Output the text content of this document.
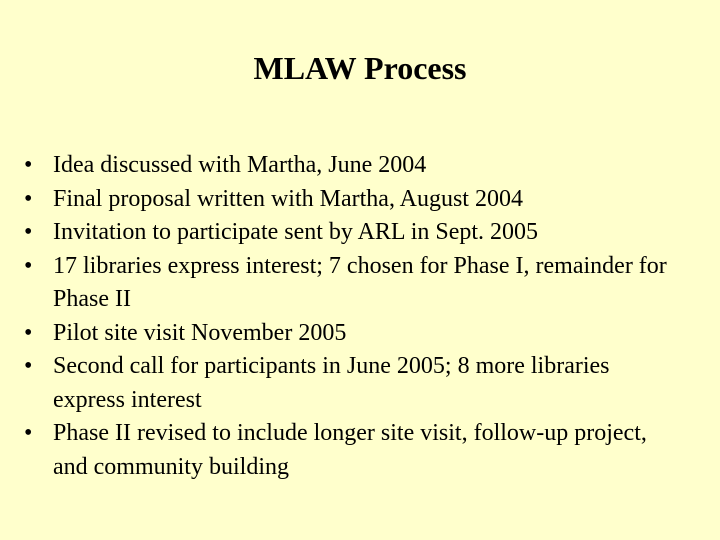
MLAW Process
• Idea discussed with Martha, June 2004
• Final proposal written with Martha, August 2004
• Invitation to participate sent by ARL in Sept. 2005
• 17 libraries express interest; 7 chosen for Phase I, remainder for Phase II
• Pilot site visit November 2005
• Second call for participants in June 2005; 8 more libraries express interest
• Phase II revised to include longer site visit, follow-up project, and community building
